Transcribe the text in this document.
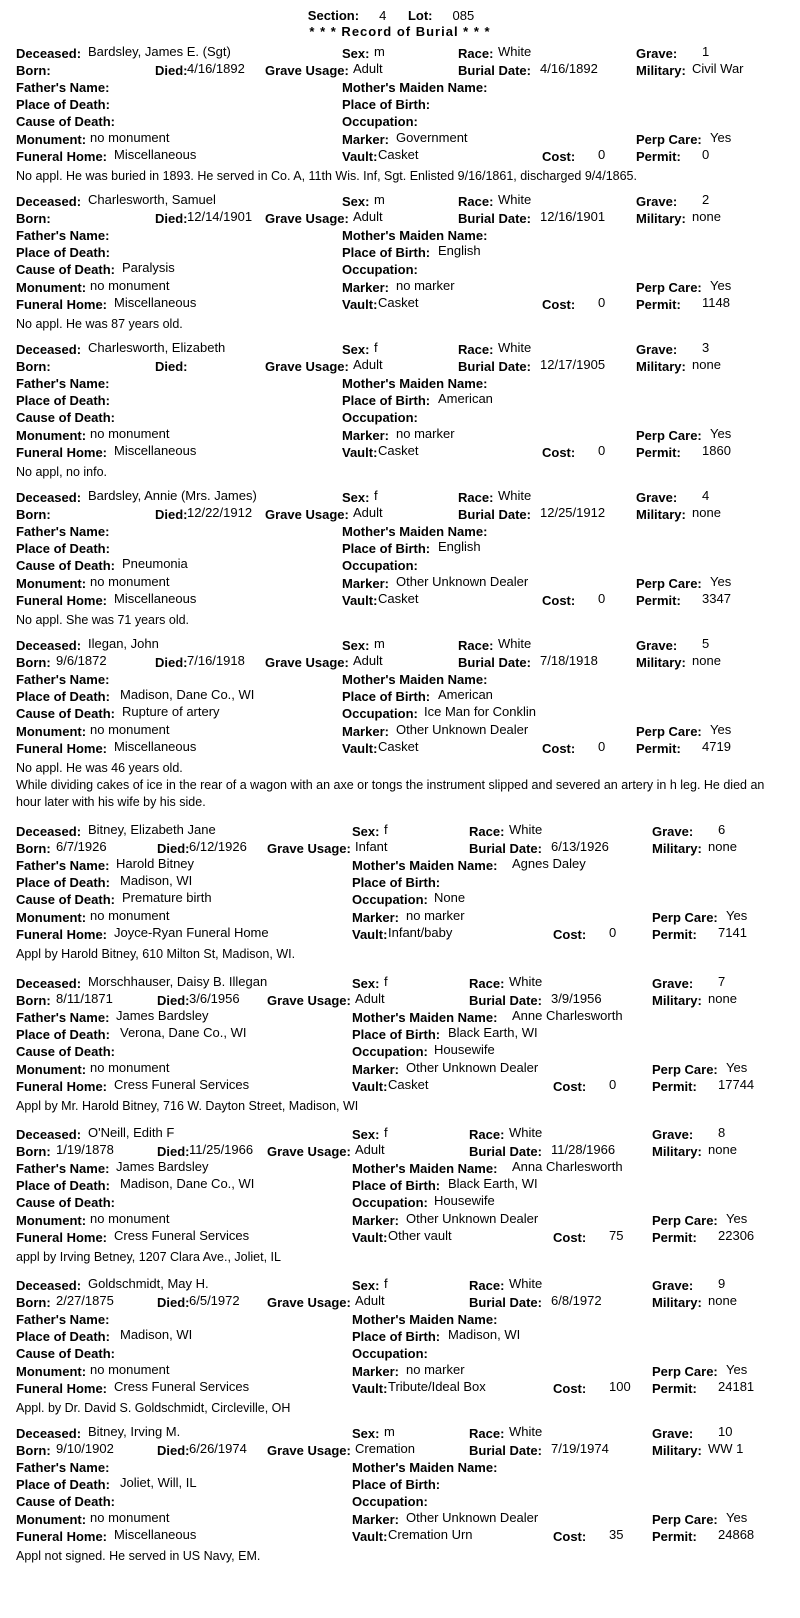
Section: 4 Lot: 085
* * * Record of Burial * * *
Deceased: Bardsley, James E. (Sgt)	Sex: m	Race: White	Grave: 1
Born:	Died: 4/16/1892 Grave Usage: Adult	Burial Date: 4/16/1892	Military: Civil War
Father's Name:	Mother's Maiden Name:
Place of Death:	Place of Birth:
Cause of Death:	Occupation:
Monument: no monument	Marker: Government	Perp Care: Yes
Funeral Home: Miscellaneous	Vault: Casket	Cost: 0 Permit: 0
No appl. He was buried in 1893. He served in Co. A, 11th Wis. Inf, Sgt. Enlisted 9/16/1861, discharged 9/4/1865.
Deceased: Charlesworth, Samuel	Sex: m	Race: White	Grave: 2
Born:	Died: 12/14/1901 Grave Usage: Adult	Burial Date: 12/16/1901 Military: none
Father's Name:	Mother's Maiden Name:
Place of Death:	Place of Birth: English
Cause of Death: Paralysis	Occupation:
Monument: no monument	Marker: no marker	Perp Care: Yes
Funeral Home: Miscellaneous	Vault: Casket	Cost: 0 Permit: 1148
No appl. He was 87 years old.
Deceased: Charlesworth, Elizabeth	Sex: f	Race: White	Grave: 3
Born:	Died:	Grave Usage: Adult	Burial Date: 12/17/1905 Military: none
Father's Name:	Mother's Maiden Name:
Place of Death:	Place of Birth: American
Cause of Death:	Occupation:
Monument: no monument	Marker: no marker	Perp Care: Yes
Funeral Home: Miscellaneous	Vault: Casket	Cost: 0 Permit: 1860
No appl, no info.
Deceased: Bardsley, Annie (Mrs. James)	Sex: f	Race: White	Grave: 4
Born:	Died: 12/22/1912 Grave Usage: Adult	Burial Date: 12/25/1912 Military: none
Father's Name:	Mother's Maiden Name:
Place of Death:	Place of Birth: English
Cause of Death: Pneumonia	Occupation:
Monument: no monument	Marker: Other Unknown Dealer	Perp Care: Yes
Funeral Home: Miscellaneous	Vault: Casket	Cost: 0 Permit: 3347
No appl. She was 71 years old.
Deceased: Ilegan, John	Sex: m	Race: White	Grave: 5
Born: 9/6/1872	Died: 7/16/1918 Grave Usage: Adult	Burial Date: 7/18/1918	Military: none
Father's Name:	Mother's Maiden Name:
Place of Death: Madison, Dane Co., WI	Place of Birth: American
Cause of Death: Rupture of artery	Occupation: Ice Man for Conklin
Monument: no monument	Marker: Other Unknown Dealer	Perp Care: Yes
Funeral Home: Miscellaneous	Vault: Casket	Cost: 0 Permit: 4719
No appl. He was 46 years old.
While dividing cakes of ice in the rear of a wagon with an axe or tongs the instrument slipped and severed an artery in h leg. He died an hour later with his wife by his side.
Deceased: Bitney, Elizabeth Jane	Sex: f	Race: White	Grave: 6
Born: 6/7/1926	Died: 6/12/1926 Grave Usage: Infant	Burial Date: 6/13/1926	Military: none
Father's Name: Harold Bitney	Mother's Maiden Name: Agnes Daley
Place of Death: Madison, WI	Place of Birth:
Cause of Death: Premature birth	Occupation: None
Monument: no monument	Marker: no marker	Perp Care: Yes
Funeral Home: Joyce-Ryan Funeral Home	Vault: Infant/baby	Cost: 0	Permit: 7141
Appl by Harold Bitney, 610 Milton St, Madison, WI.
Deceased: Morschhauser, Daisy B. Illegan	Sex: f	Race: White	Grave: 7
Born: 8/11/1871	Died: 3/6/1956 Grave Usage: Adult	Burial Date: 3/9/1956	Military: none
Father's Name: James Bardsley	Mother's Maiden Name: Anne Charlesworth
Place of Death: Verona, Dane Co., WI	Place of Birth: Black Earth, WI
Cause of Death:	Occupation: Housewife
Monument: no monument	Marker: Other Unknown Dealer	Perp Care: Yes
Funeral Home: Cress Funeral Services	Vault: Casket	Cost: 0	Permit: 17744
Appl by Mr. Harold Bitney, 716 W. Dayton Street, Madison, WI
Deceased: O'Neill, Edith F	Sex: f	Race: White	Grave: 8
Born: 1/19/1878	Died: 11/25/1966 Grave Usage: Adult	Burial Date: 11/28/1966	Military: none
Father's Name: James Bardsley	Mother's Maiden Name: Anna Charlesworth
Place of Death: Madison, Dane Co., WI	Place of Birth: Black Earth, WI
Cause of Death:	Occupation: Housewife
Monument: no monument	Marker: Other Unknown Dealer	Perp Care: Yes
Funeral Home: Cress Funeral Services	Vault: Other vault	Cost: 75 Permit: 22306
appl by Irving Betney, 1207 Clara Ave., Joliet, IL
Deceased: Goldschmidt, May H.	Sex: f	Race: White	Grave: 9
Born: 2/27/1875	Died: 6/5/1972 Grave Usage: Adult	Burial Date: 6/8/1972	Military: none
Father's Name:	Mother's Maiden Name:
Place of Death: Madison, WI	Place of Birth: Madison, WI
Cause of Death:	Occupation:
Monument: no monument	Marker: no marker	Perp Care: Yes
Funeral Home: Cress Funeral Services	Vault: Tribute/Ideal Box	Cost: 100 Permit: 24181
Appl. by Dr. David S. Goldschmidt, Circleville, OH
Deceased: Bitney, Irving M.	Sex: m	Race: White	Grave: 10
Born: 9/10/1902	Died: 6/26/1974 Grave Usage: Cremation	Burial Date: 7/19/1974	Military: WW 1
Father's Name:	Mother's Maiden Name:
Place of Death: Joliet, Will, IL	Place of Birth:
Cause of Death:	Occupation:
Monument: no monument	Marker: Other Unknown Dealer	Perp Care: Yes
Funeral Home: Miscellaneous	Vault: Cremation Urn	Cost: 35 Permit: 24868
Appl not signed. He served in US Navy, EM.
